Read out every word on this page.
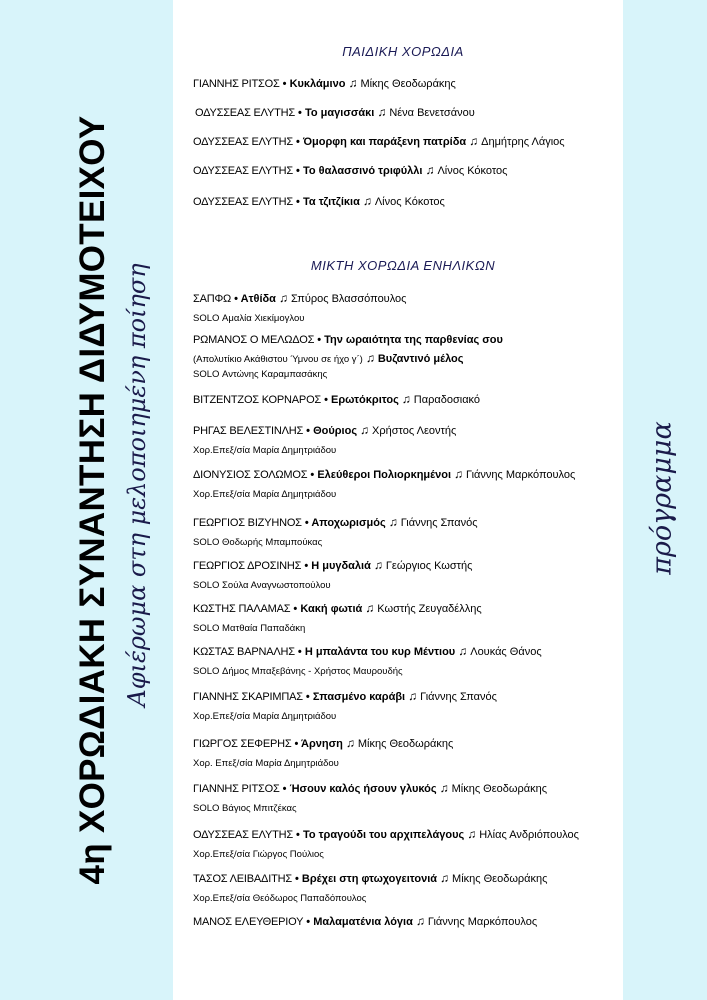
4η ΧΟΡΩΔΙΑΚΗ ΣΥΝΑΝΤΗΣΗ ΔΙΔΥΜΟΤΕΙΧΟΥ Αφιέρωμα στη μελοποιημένη ποίηση	πρόγραμμα
ΠΑΙΔΙΚΗ ΧΟΡΩΔΙΑ
ΓΙΑΝΝΗΣ ΡΙΤΣΟΣ • Κυκλάμινο ♫ Μίκης Θεοδωράκης
ΟΔΥΣΣΕΑΣ ΕΛΥΤΗΣ • Το μαγισσάκι ♫ Νένα Βενετσάνου
ΟΔΥΣΣΕΑΣ ΕΛΥΤΗΣ • Όμορφη και παράξενη πατρίδα ♫ Δημήτρης Λάγιος
ΟΔΥΣΣΕΑΣ ΕΛΥΤΗΣ • Το θαλασσινό τριφύλλι ♫ Λίνος Κόκοτος
ΟΔΥΣΣΕΑΣ ΕΛΥΤΗΣ • Τα τζιτζίκια ♫ Λίνος Κόκοτος
ΜΙΚΤΗ ΧΟΡΩΔΙΑ ΕΝΗΛΙΚΩΝ
ΣΑΠΦΩ • Ατθίδα ♫ Σπύρος Βλασσόπουλος
SOLO Αμαλία Χιεκίμογλου
ΡΩΜΑΝΟΣ Ο ΜΕΛΩΔΟΣ • Την ωραιότητα της παρθενίας σου
(Απολυτίκιο Ακάθιστου Ύμνου σε ήχο γ΄) ♫ Βυζαντινό μέλος
SOLO Αντώνης Καραμπασάκης
ΒΙΤΖΕΝΤΖΟΣ ΚΟΡΝΑΡΟΣ • Ερωτόκριτος ♫ Παραδοσιακό
ΡΗΓΑΣ ΒΕΛΕΣΤΙΝΛΗΣ • Θούριος ♫ Χρήστος Λεοντής
Χορ.Επεξ/σία Μαρία Δημητριάδου
ΔΙΟΝΥΣΙΟΣ ΣΟΛΩΜΟΣ • Ελεύθεροι Πολιορκημένοι ♫ Γιάννης Μαρκόπουλος
Χορ.Επεξ/σία Μαρία Δημητριάδου
ΓΕΩΡΓΙΟΣ ΒΙΖΥΗΝΟΣ • Αποχωρισμός ♫ Γιάννης Σπανός
SOLO Θοδωρής Μπαμπούκας
ΓΕΩΡΓΙΟΣ ΔΡΟΣΙΝΗΣ • Η μυγδαλιά ♫ Γεώργιος Κωστής
SOLO Σούλα Αναγνωστοπούλου
ΚΩΣΤΗΣ ΠΑΛΑΜΑΣ • Κακή φωτιά ♫ Κωστής Ζευγαδέλλης
SOLO Ματθαία Παπαδάκη
ΚΩΣΤΑΣ ΒΑΡΝΑΛΗΣ • Η μπαλάντα του κυρ Μέντιου ♫ Λουκάς Θάνος
SOLO Δήμος Μπαξεβάνης - Χρήστος Μαυρουδής
ΓΙΑΝΝΗΣ ΣΚΑΡΙΜΠΑΣ • Σπασμένο καράβι ♫ Γιάννης Σπανός
Χορ.Επεξ/σία Μαρία Δημητριάδου
ΓΙΩΡΓΟΣ ΣΕΦΕΡΗΣ • Άρνηση ♫ Μίκης Θεοδωράκης
Χορ. Επεξ/σία Μαρία Δημητριάδου
ΓΙΑΝΝΗΣ ΡΙΤΣΟΣ • Ήσουν καλός ήσουν γλυκός ♫ Μίκης Θεοδωράκης
SOLO Βάγιος Μπιτζέκας
ΟΔΥΣΣΕΑΣ ΕΛΥΤΗΣ • Το τραγούδι του αρχιπελάγους ♫ Ηλίας Ανδριόπουλος
Χορ.Επεξ/σία Γιώργος Πούλιος
ΤΑΣΟΣ ΛΕΙΒΑΔΙΤΗΣ • Βρέχει στη φτωχογειτονιά ♫ Μίκης Θεοδωράκης
Χορ.Επεξ/σία Θεόδωρος Παπαδόπουλος
ΜΑΝΟΣ ΕΛΕΥΘΕΡΙΟΥ • Μαλαματένια λόγια ♫ Γιάννης Μαρκόπουλος
